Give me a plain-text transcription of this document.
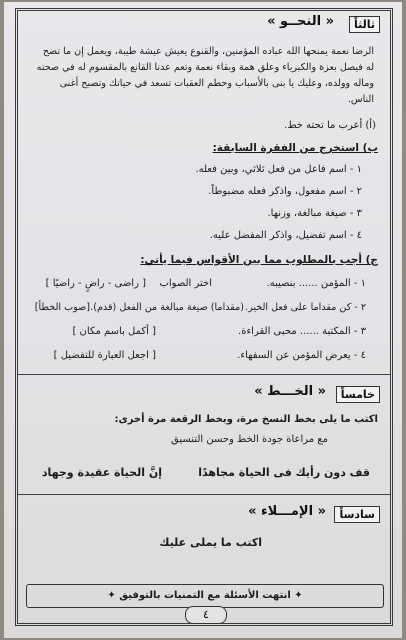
ثالثاً
« النحــو »
الرضا نعمة يمنحها الله عباده المؤمنين، والقنوع يعيش عيشة طيبة، ويعمل إن ما تضح له فيصل بعزة والكبرياء وعلق همة وبقاء نعمة وتعم عدنا القانع بالمقسوم له في صحته وماله وولده، وعليك يا بنى بالأسباب وحطم العقبات تسعد في حياتك وتصبح أغنى الناس.
(أ) أعرب ما تحته خط.
ب) استخرج من الفقرة السابقة:
١ - اسم فاعل من فعل ثلاثي، وبين فعله.
٢ - اسم مفعول، واذكر فعله مضبوطاً.
٣ - صيغة مبالغة، وزنها.
٤ - اسم تفضيل، واذكر المفضل عليه.
ج) أجب بالمطلوب مما بين الأقواس فيما يأتي:
١ - المؤمن ...... بنصيبه.
اختر الصواب
[ راضى - راضٍ - راضيًا ]
٢ - كن مقداما على فعل الخير.
(مقداما) صيغة مبالغة من الفعل (قدم).
[صوب الخطأ]
٣ - المكتبة ...... محبى القراءة.
[ أكمل باسم مكان ]
٤ - يعرض المؤمن عن السفهاء.
[ اجعل العبارة للتفضيل ]
خامساً
« الخـــط »
اكتب ما يلى بخط النسخ مرة، وبخط الرقعة مرة أخرى:
مع مراعاة جودة الخط وحسن التنسيق
قف دون رأيك فى الحياة مجاهدًا
إنَّ الحياة عقيدة وجهاد
سادساً
« الإمـــلاء »
اكتب ما يملى عليك
✦ انتهت الأسئلة مع التمنيات بالتوفيق ✦
٤
